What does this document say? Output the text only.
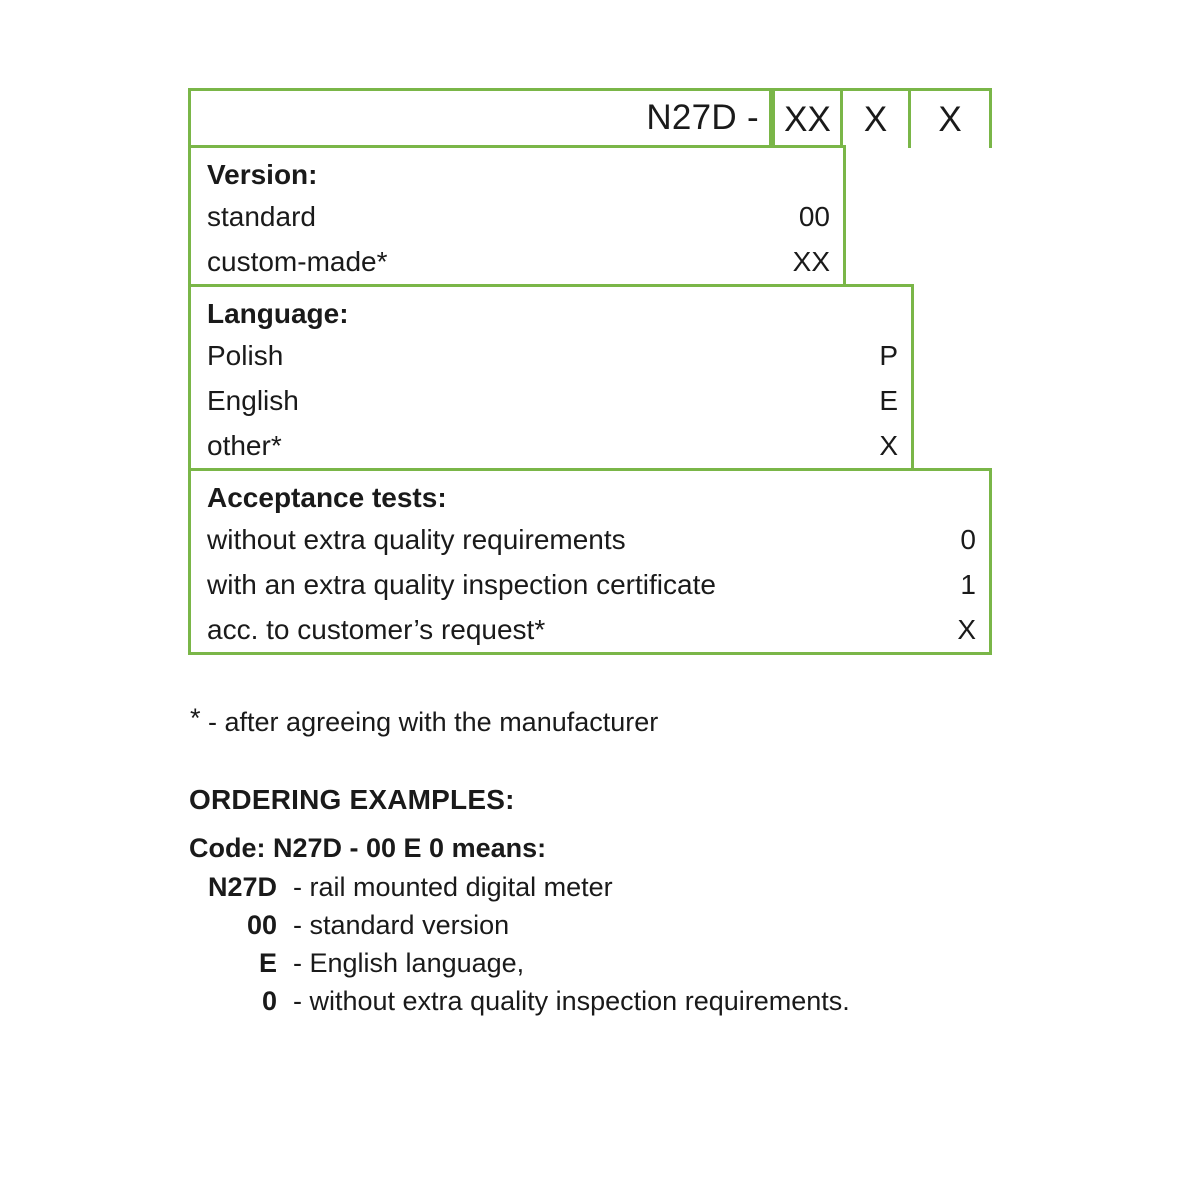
N27D - XX X X
Version:
standard	00
custom-made*	XX
Language:
Polish	P
English	E
other*	X
Acceptance tests:
without extra quality requirements	0
with an extra quality inspection certificate	1
acc. to customer’s request*	X
* - after agreeing with the manufacturer
ORDERING EXAMPLES:
Code: N27D - 00 E 0 means:
N27D - rail mounted digital meter
00 - standard version
E - English language,
0 - without extra quality inspection requirements.
